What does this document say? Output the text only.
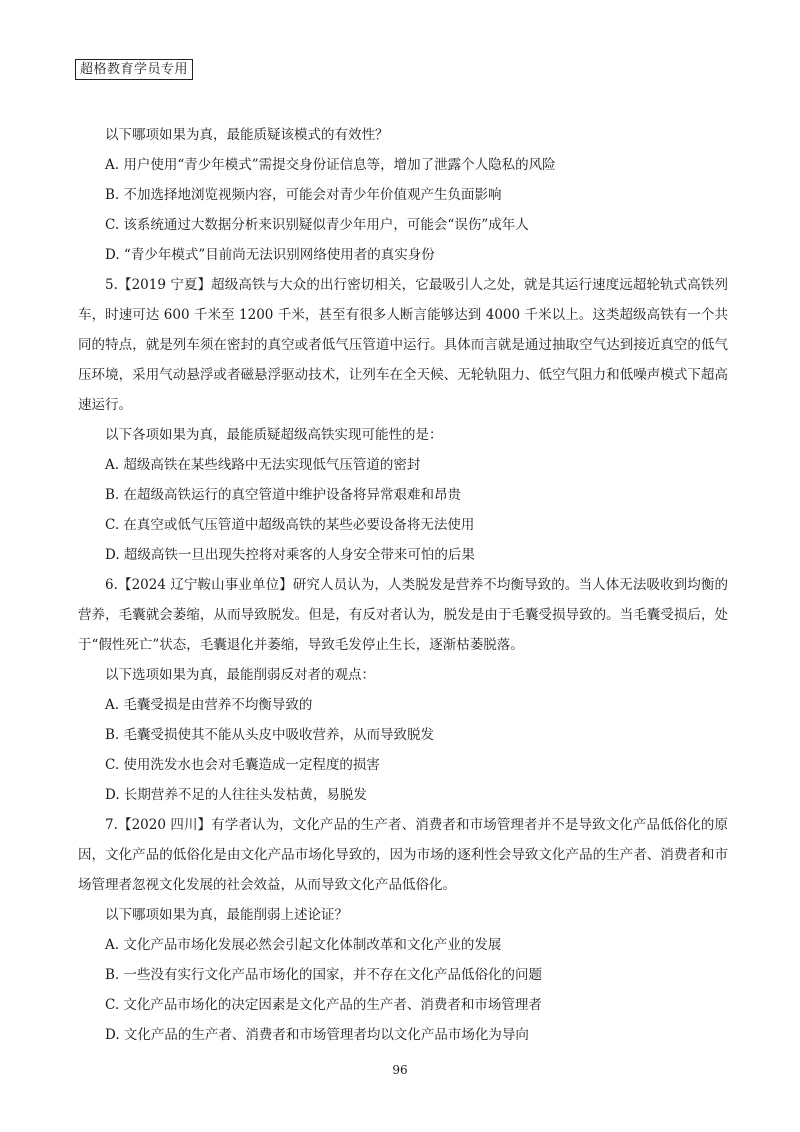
超格教育学员专用

以下哪项如果为真，最能质疑该模式的有效性？

A. 用户使用“青少年模式”需提交身份证信息等，增加了泄露个人隐私的风险

B. 不加选择地浏览视频内容，可能会对青少年价值观产生负面影响

C. 该系统通过大数据分析来识别疑似青少年用户，可能会“误伤”成年人

D. “青少年模式”目前尚无法识别网络使用者的真实身份

5.【2019 宁夏】超级高铁与大众的出行密切相关，它最吸引人之处，就是其运行速度远超轮轨式高铁列车，时速可达 600 千米至 1200 千米，甚至有很多人断言能够达到 4000 千米以上。这类超级高铁有一个共同的特点，就是列车须在密封的真空或者低气压管道中运行。具体而言就是通过抽取空气达到接近真空的低气压环境，采用气动悬浮或者磁悬浮驱动技术，让列车在全天候、无轮轨阻力、低空气阻力和低噪声模式下超高速运行。

以下各项如果为真，最能质疑超级高铁实现可能性的是：

A. 超级高铁在某些线路中无法实现低气压管道的密封

B. 在超级高铁运行的真空管道中维护设备将异常艰难和昂贵

C. 在真空或低气压管道中超级高铁的某些必要设备将无法使用

D. 超级高铁一旦出现失控将对乘客的人身安全带来可怕的后果

6.【2024 辽宁鞍山事业单位】研究人员认为，人类脱发是营养不均衡导致的。当人体无法吸收到均衡的营养，毛囊就会萎缩，从而导致脱发。但是，有反对者认为，脱发是由于毛囊受损导致的。当毛囊受损后，处于“假性死亡”状态，毛囊退化并萎缩，导致毛发停止生长，逐渐枯萎脱落。

以下选项如果为真，最能削弱反对者的观点：

A. 毛囊受损是由营养不均衡导致的

B. 毛囊受损使其不能从头皮中吸收营养，从而导致脱发

C. 使用洗发水也会对毛囊造成一定程度的损害

D. 长期营养不足的人往往头发枯黄，易脱发

7.【2020 四川】有学者认为，文化产品的生产者、消费者和市场管理者并不是导致文化产品低俗化的原因，文化产品的低俗化是由文化产品市场化导致的，因为市场的逐利性会导致文化产品的生产者、消费者和市场管理者忽视文化发展的社会效益，从而导致文化产品低俗化。

以下哪项如果为真，最能削弱上述论证？

A. 文化产品市场化发展必然会引起文化体制改革和文化产业的发展

B. 一些没有实行文化产品市场化的国家，并不存在文化产品低俗化的问题

C. 文化产品市场化的决定因素是文化产品的生产者、消费者和市场管理者

D. 文化产品的生产者、消费者和市场管理者均以文化产品市场化为导向

96
